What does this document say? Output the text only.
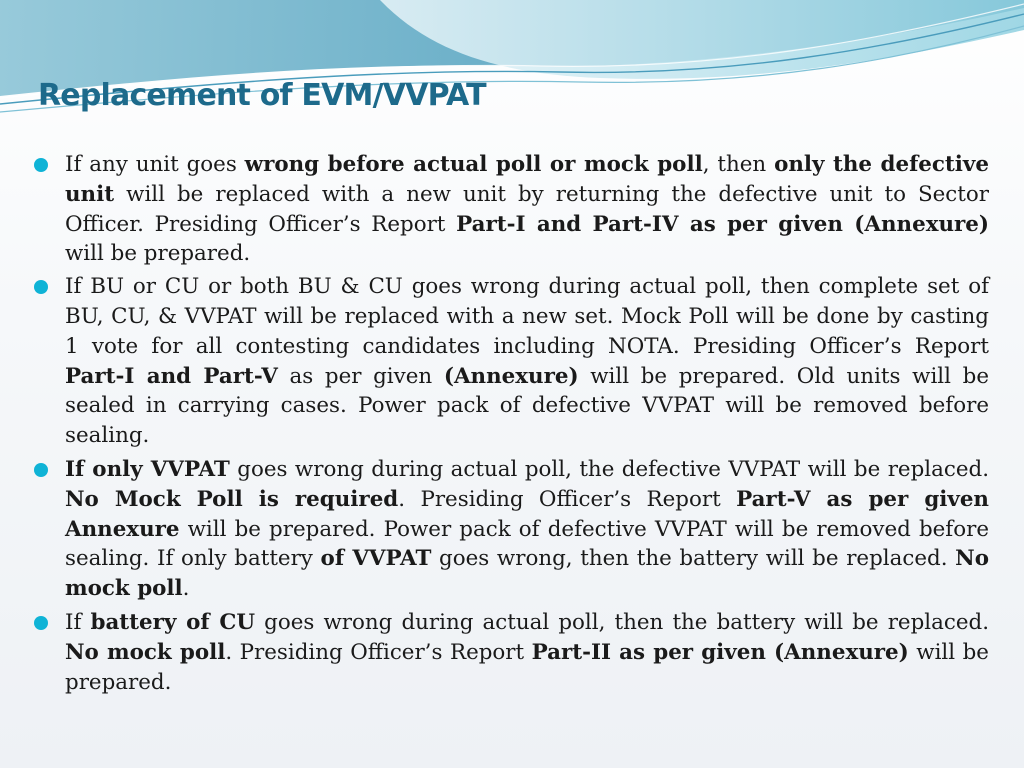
Replacement of EVM/VVPAT
If any unit goes wrong before actual poll or mock poll, then only the defective unit will be replaced with a new unit by returning the defective unit to Sector Officer. Presiding Officer’s Report Part-I and Part-IV as per given (Annexure) will be prepared.
If BU or CU or both BU & CU goes wrong during actual poll, then complete set of BU, CU, & VVPAT will be replaced with a new set. Mock Poll will be done by casting 1 vote for all contesting candidates including NOTA. Presiding Officer’s Report Part-I and Part-V as per given (Annexure) will be prepared. Old units will be sealed in carrying cases. Power pack of defective VVPAT will be removed before sealing.
If only VVPAT goes wrong during actual poll, the defective VVPAT will be replaced. No Mock Poll is required. Presiding Officer’s Report Part-V as per given Annexure will be prepared. Power pack of defective VVPAT will be removed before sealing. If only battery of VVPAT goes wrong, then the battery will be replaced. No mock poll.
If battery of CU goes wrong during actual poll, then the battery will be replaced. No mock poll. Presiding Officer’s Report Part-II as per given (Annexure) will be prepared.
